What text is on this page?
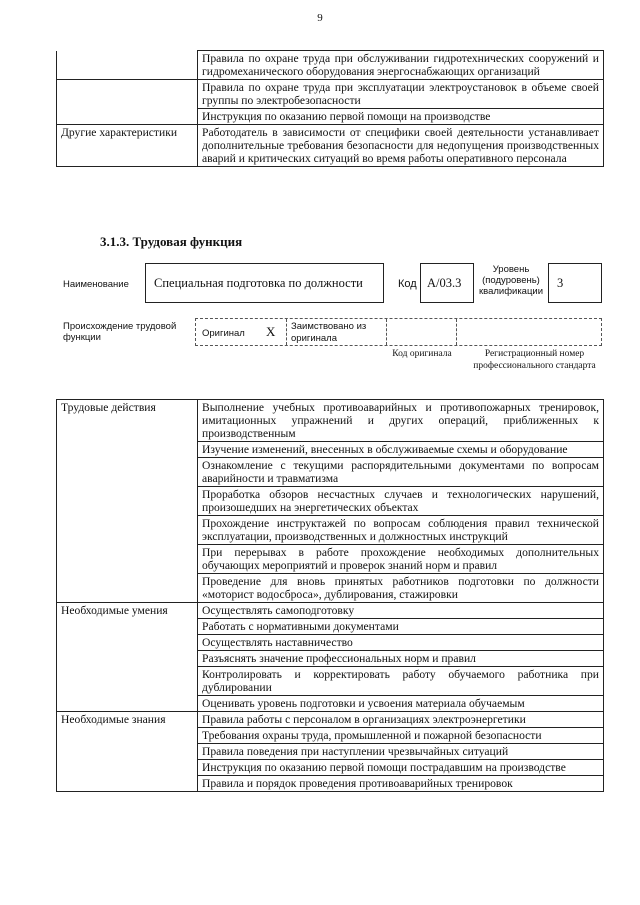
9
	Правила по охране труда при обслуживании гидротехнических сооружений и гидромеханического оборудования энергоснабжающих организаций
	Правила по охране труда при эксплуатации электроустановок в объеме своей группы по электробезопасности
	Инструкция по оказанию первой помощи на производстве
Другие характеристики	Работодатель в зависимости от специфики своей деятельности устанавливает дополнительные требования безопасности для недопущения производственных аварий и критических ситуаций во время работы оперативного персонала
3.1.3. Трудовая функция
Наименование Специальная подготовка по должности	Код А/03.3
Уровень (подуровень) квалификации
3
Происхождение трудовой функции	Оригинал X Заимствовано из оригинала
Код оригинала	Регистрационный номер профессионального стандарта
Трудовые действия	Выполнение учебных противоаварийных и противопожарных тренировок, имитационных упражнений и других операций, приближенных к производственным
	Изучение изменений, внесенных в обслуживаемые схемы и оборудование
	Ознакомление с текущими распорядительными документами по вопросам аварийности и травматизма
	Проработка обзоров несчастных случаев и технологических нарушений, произошедших на энергетических объектах
	Прохождение инструктажей по вопросам соблюдения правил технической эксплуатации, производственных и должностных инструкций
	При перерывах в работе прохождение необходимых дополнительных обучающих мероприятий и проверок знаний норм и правил
	Проведение для вновь принятых работников подготовки по должности «моторист водосброса», дублирования, стажировки
Необходимые умения	Осуществлять самоподготовку
	Работать с нормативными документами
	Осуществлять наставничество
	Разъяснять значение профессиональных норм и правил
	Контролировать и корректировать работу обучаемого работника при дублировании
	Оценивать уровень подготовки и усвоения материала обучаемым
Необходимые знания	Правила работы с персоналом в организациях электроэнергетики
	Требования охраны труда, промышленной и пожарной безопасности
	Правила поведения при наступлении чрезвычайных ситуаций
	Инструкция по оказанию первой помощи пострадавшим на производстве
	Правила и порядок проведения противоаварийных тренировок
